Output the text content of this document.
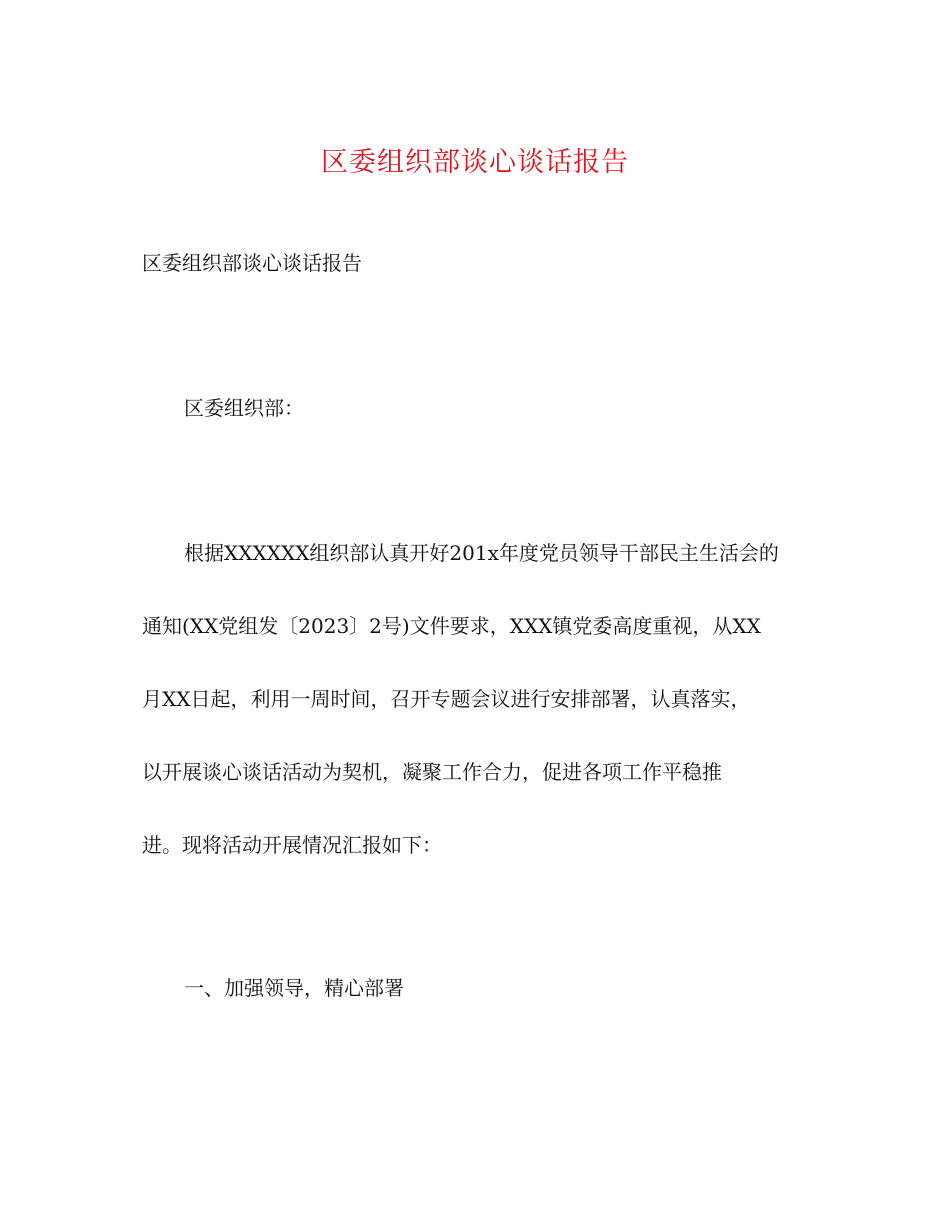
区委组织部谈心谈话报告

区委组织部谈心谈话报告

区委组织部：

根据XXXXXX组织部认真开好201x年度党员领导干部民主生活会的

通知(XX党组发〔2023〕2号)文件要求，XXX镇党委高度重视，从XX

月XX日起，利用一周时间，召开专题会议进行安排部署，认真落实，

以开展谈心谈话活动为契机，凝聚工作合力，促进各项工作平稳推

进。现将活动开展情况汇报如下：

一、加强领导，精心部署
